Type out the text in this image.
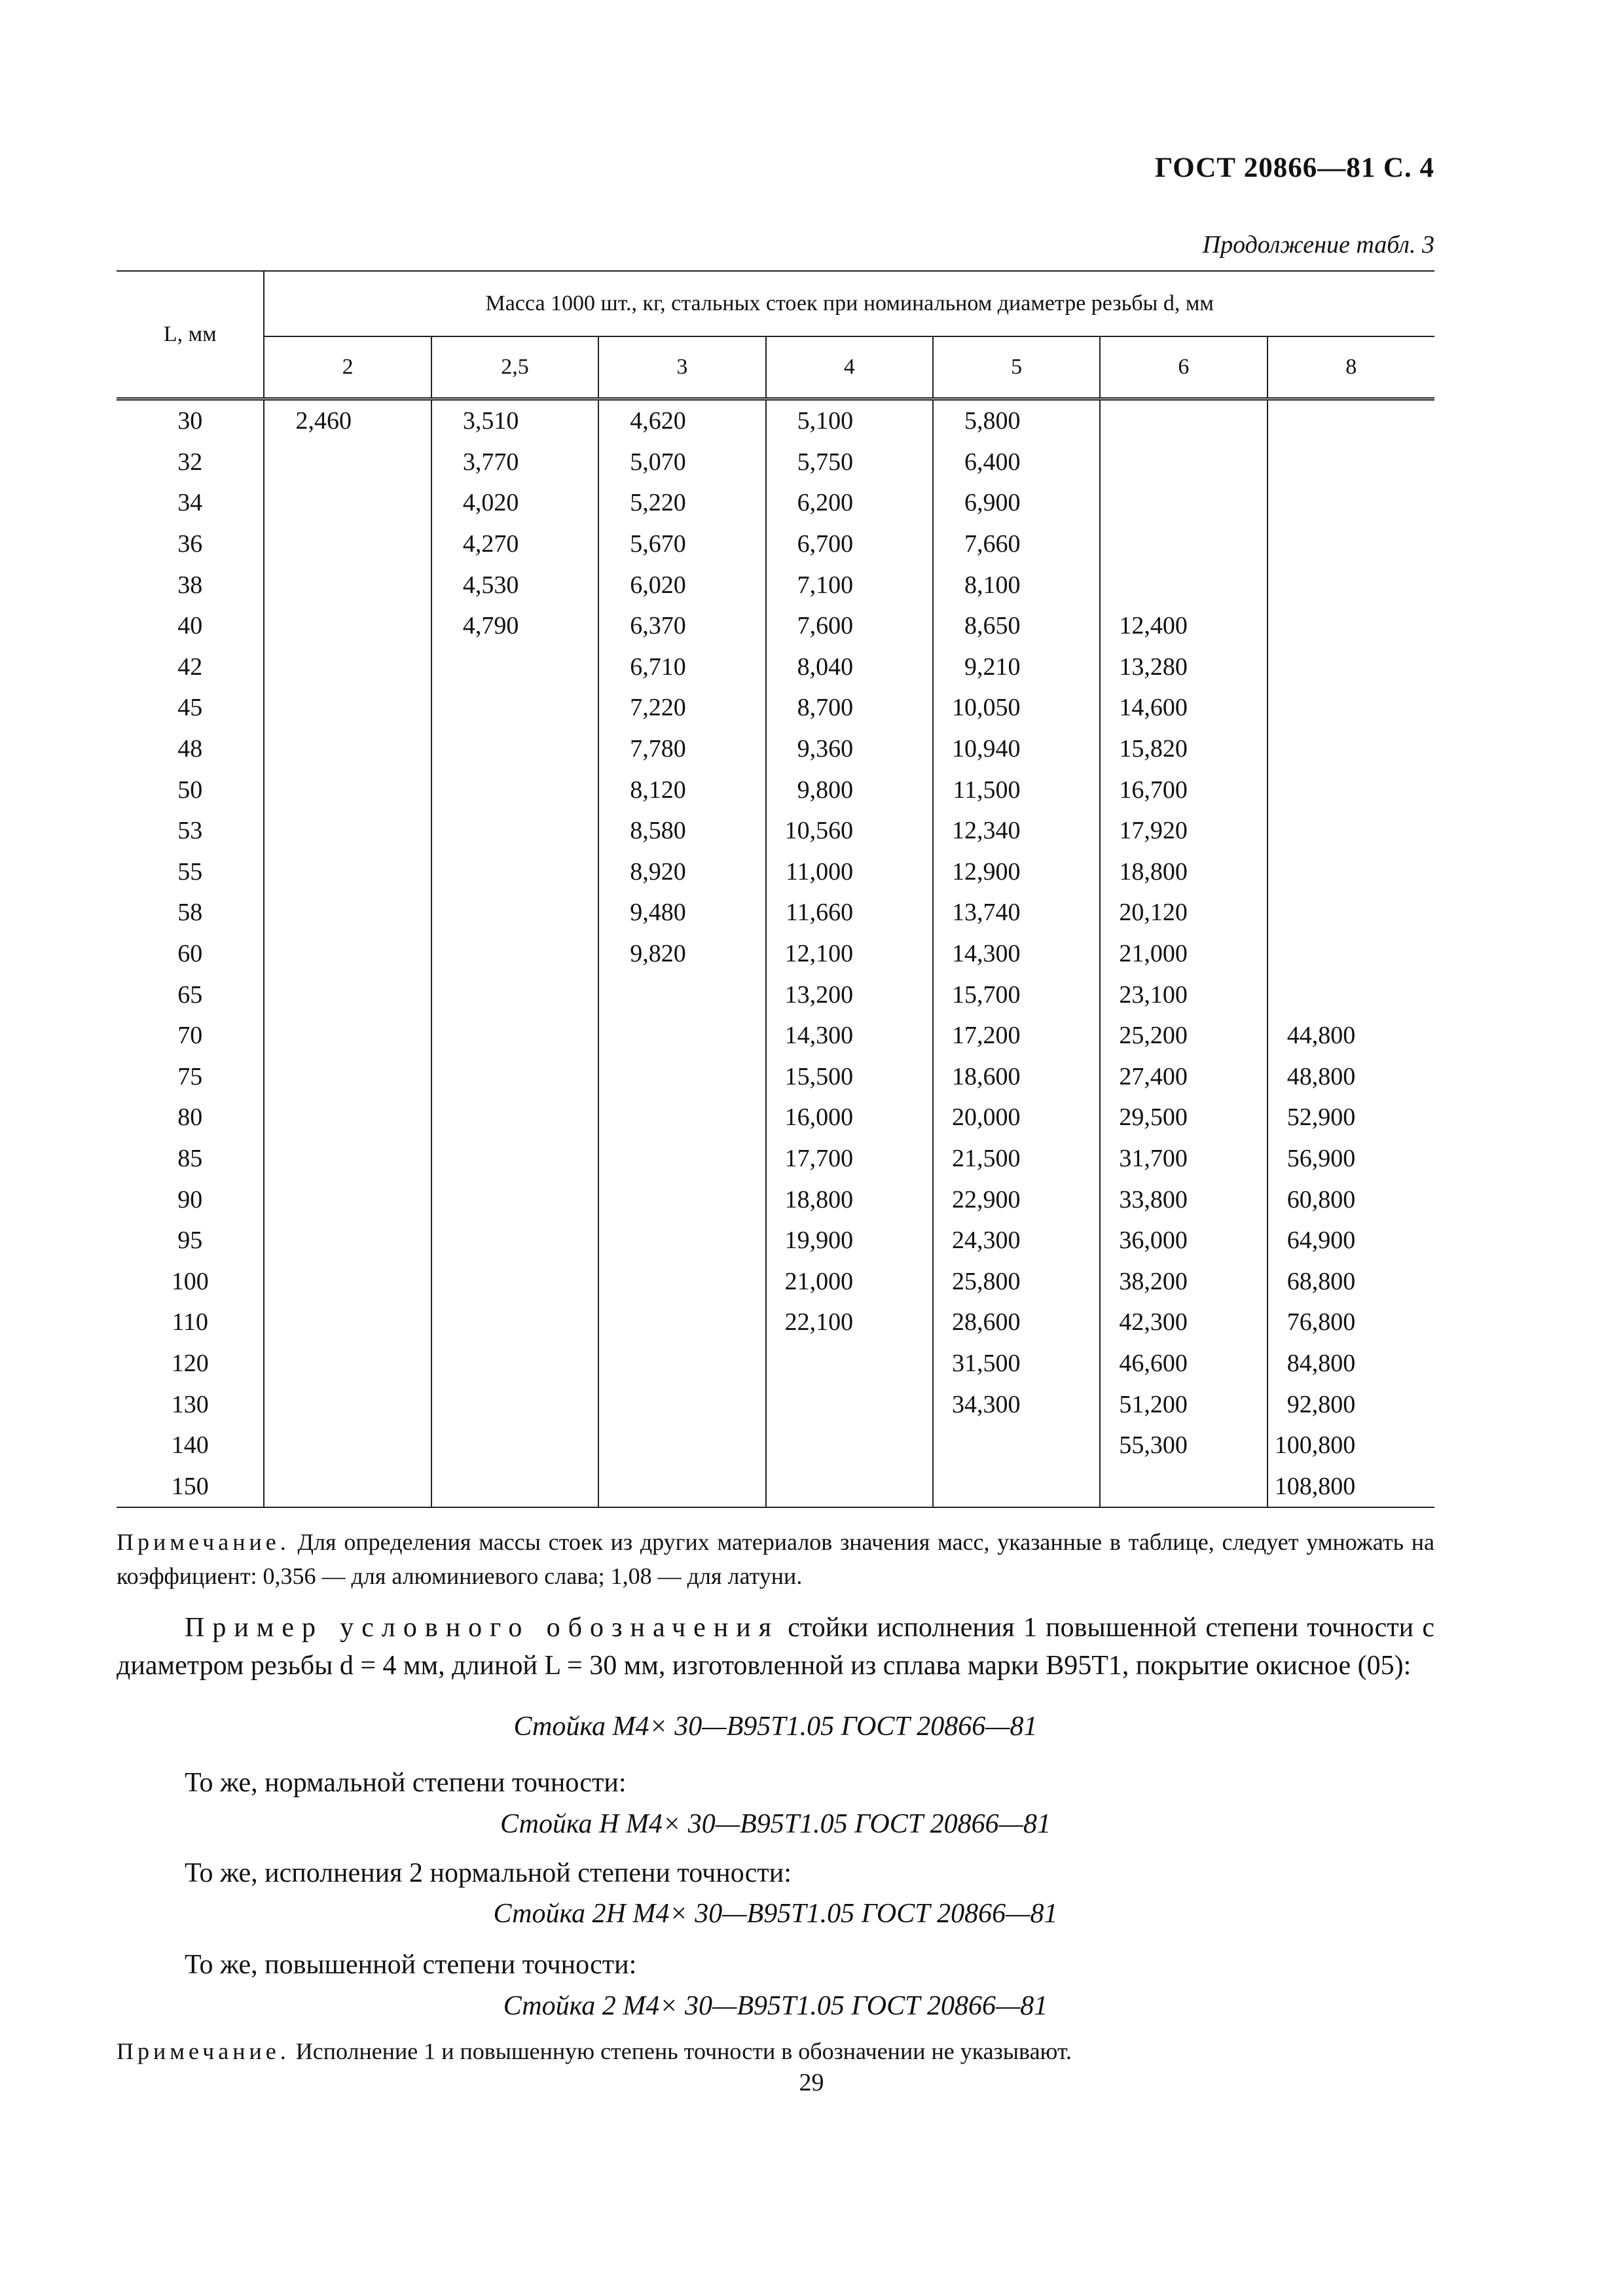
ГОСТ 20866—81 С. 4
Продолжение табл. 3
L, мм	Масса 1000 шт., кг, стальных стоек при номинальном диаметре резьбы d, мм						
	2	2,5	3	4	5	6	8
30	2,460	3,510	4,620	5,100	5,800		
32		3,770	5,070	5,750	6,400		
34		4,020	5,220	6,200	6,900		
36		4,270	5,670	6,700	7,660		
38		4,530	6,020	7,100	8,100		
40		4,790	6,370	7,600	8,650	12,400	
42			6,710	8,040	9,210	13,280	
45			7,220	8,700	10,050	14,600	
48			7,780	9,360	10,940	15,820	
50			8,120	9,800	11,500	16,700	
53			8,580	10,560	12,340	17,920	
55			8,920	11,000	12,900	18,800	
58			9,480	11,660	13,740	20,120	
60			9,820	12,100	14,300	21,000	
65				13,200	15,700	23,100	
70				14,300	17,200	25,200	44,800
75				15,500	18,600	27,400	48,800
80				16,000	20,000	29,500	52,900
85				17,700	21,500	31,700	56,900
90				18,800	22,900	33,800	60,800
95				19,900	24,300	36,000	64,900
100				21,000	25,800	38,200	68,800
110				22,100	28,600	42,300	76,800
120					31,500	46,600	84,800
130					34,300	51,200	92,800
140						55,300	100,800
150							108,800
Примечание. Для определения массы стоек из других материалов значения масс, указанные в таблице, следует умножать на коэффициент: 0,356 — для алюминиевого слава; 1,08 — для латуни.
Пример условного обозначения стойки исполнения 1 повышенной степени точности с диаметром резьбы d = 4 мм, длиной L = 30 мм, изготовленной из сплава марки В95Т1, покрытие окисное (05):
Стойка М4× 30—В95Т1.05 ГОСТ 20866—81
То же, нормальной степени точности:
Стойка Н М4× 30—В95Т1.05 ГОСТ 20866—81
То же, исполнения 2 нормальной степени точности:
Стойка 2Н М4× 30—В95Т1.05 ГОСТ 20866—81
То же, повышенной степени точности:
Стойка 2 М4× 30—В95Т1.05 ГОСТ 20866—81
Примечание. Исполнение 1 и повышенную степень точности в обозначении не указывают.
29
